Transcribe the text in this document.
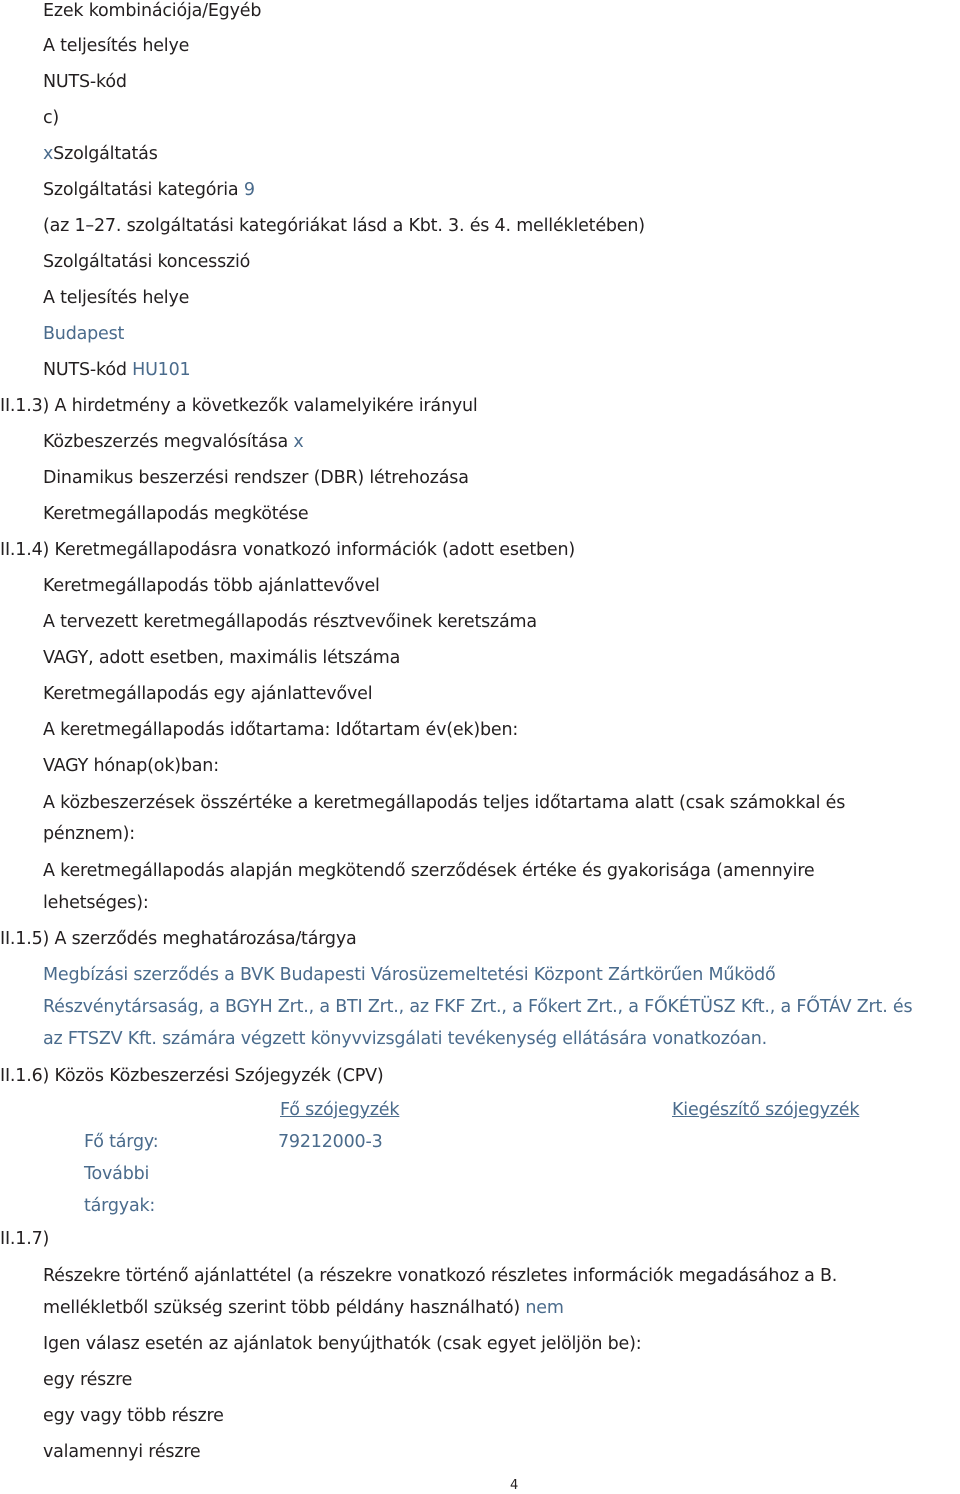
Ezek kombinációja/Egyéb
A teljesítés helye
NUTS-kód
c)
xSzolgáltatás
Szolgáltatási kategória 9
(az 1–27. szolgáltatási kategóriákat lásd a Kbt. 3. és 4. mellékletében)
Szolgáltatási koncesszió
A teljesítés helye
Budapest
NUTS-kód HU101
II.1.3) A hirdetmény a következők valamelyikére irányul
Közbeszerzés megvalósítása x
Dinamikus beszerzési rendszer (DBR) létrehozása
Keretmegállapodás megkötése
II.1.4) Keretmegállapodásra vonatkozó információk (adott esetben)
Keretmegállapodás több ajánlattevővel
A tervezett keretmegállapodás résztvevőinek keretszáma
VAGY, adott esetben, maximális létszáma
Keretmegállapodás egy ajánlattevővel
A keretmegállapodás időtartama: Időtartam év(ek)ben:
VAGY hónap(ok)ban:
A közbeszerzések összértéke a keretmegállapodás teljes időtartama alatt (csak számokkal és
pénznem):
A keretmegállapodás alapján megkötendő szerződések értéke és gyakorisága (amennyire
lehetséges):
II.1.5) A szerződés meghatározása/tárgya
Megbízási szerződés a BVK Budapesti Városüzemeltetési Központ Zártkörűen Működő
Részvénytársaság, a BGYH Zrt., a BTI Zrt., az FKF Zrt., a Főkert Zrt., a FŐKÉTÜSZ Kft., a FŐTÁV Zrt. és
az FTSZV Kft. számára végzett könyvvizsgálati tevékenység ellátására vonatkozóan.
II.1.6) Közös Közbeszerzési Szójegyzék (CPV)
Fő szójegyzék	Kiegészítő szójegyzék
Fő tárgy:	79212000-3
További
tárgyak:
II.1.7)
Részekre történő ajánlattétel (a részekre vonatkozó részletes információk megadásához a B.
mellékletből szükség szerint több példány használható) nem
Igen válasz esetén az ajánlatok benyújthatók (csak egyet jelöljön be):
egy részre
egy vagy több részre
valamennyi részre
4
